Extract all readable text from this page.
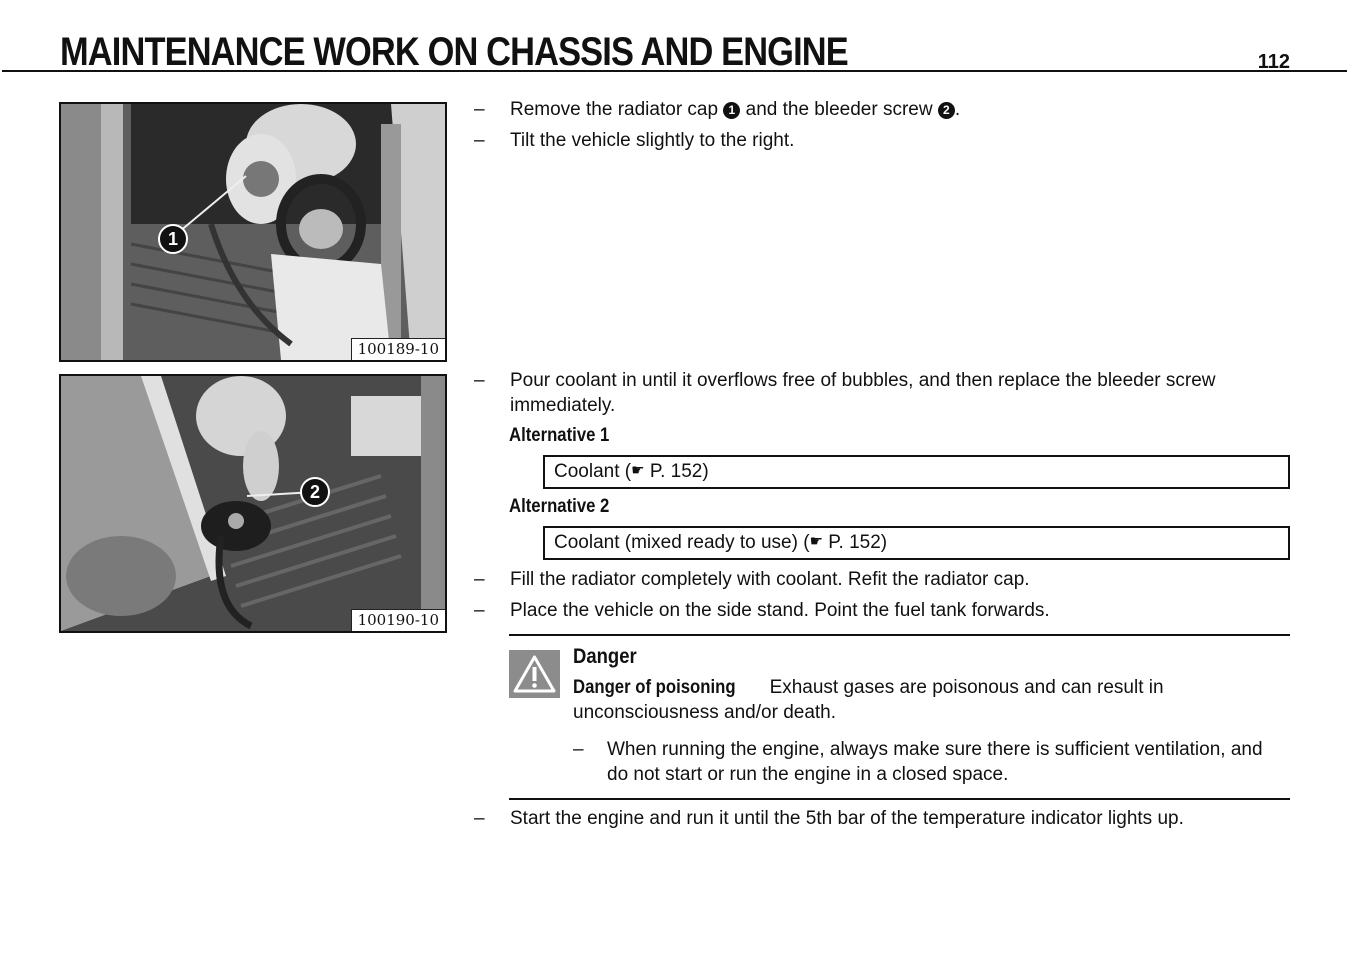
MAINTENANCE WORK ON CHASSIS AND ENGINE	112
1
100189-10
2
100190-10
– Remove the radiator cap 1 and the bleeder screw 2 .
– Tilt the vehicle slightly to the right.
– Pour coolant in until it overflows free of bubbles, and then replace the bleeder screw immediately.
Alternative 1
Coolant (☛ P. 152)
Alternative 2
Coolant (mixed ready to use) (☛ P. 152)
– Fill the radiator completely with coolant. Refit the radiator cap.
– Place the vehicle on the side stand. Point the fuel tank forwards.
Danger
Danger of poisoning Exhaust gases are poisonous and can result in unconsciousness and/or death.
– When running the engine, always make sure there is sufficient ventilation, and do not start or run the engine in a closed space.
– Start the engine and run it until the 5th bar of the temperature indicator lights up.
